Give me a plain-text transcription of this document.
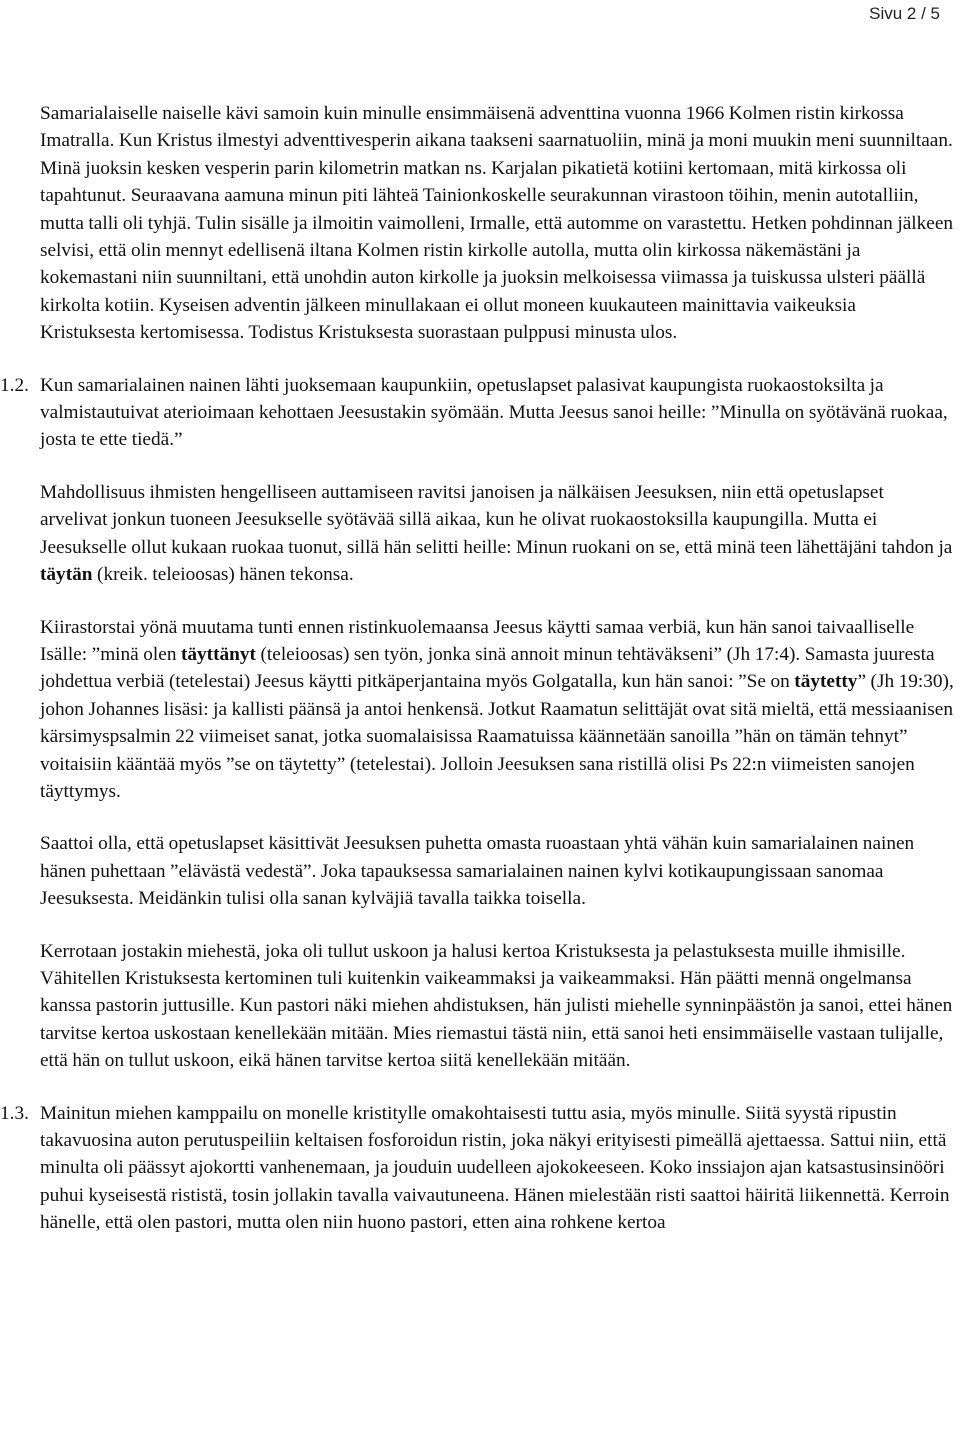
Sivu 2 / 5

Samarialaiselle naiselle kävi samoin kuin minulle ensimmäisenä adventtina vuonna 1966 Kolmen ristin kirkossa Imatralla. Kun Kristus ilmestyi adventtivesperin aikana taakseni saarnatuoliin, minä ja moni muukin meni suunniltaan. Minä juoksin kesken vesperin parin kilometrin matkan ns. Karjalan pikatietä kotiini kertomaan, mitä kirkossa oli tapahtunut. Seuraavana aamuna minun piti lähteä Tainionkoskelle seurakunnan virastoon töihin, menin autotalliin, mutta talli oli tyhjä. Tulin sisälle ja ilmoitin vaimolleni, Irmalle, että automme on varastettu. Hetken pohdinnan jälkeen selvisi, että olin mennyt edellisenä iltana Kolmen ristin kirkolle autolla, mutta olin kirkossa näkemästäni ja kokemastani niin suunniltani, että unohdin auton kirkolle ja juoksin melkoisessa viimassa ja tuiskussa ulsteri päällä kirkolta kotiin. Kyseisen adventin jälkeen minullakaan ei ollut moneen kuukauteen mainittavia vaikeuksia Kristuksesta kertomisessa. Todistus Kristuksesta suorastaan pulppusi minusta ulos.

1.2. Kun samarialainen nainen lähti juoksemaan kaupunkiin, opetuslapset palasivat kaupungista ruokaostoksilta ja valmistautuivat aterioimaan kehottaen Jeesustakin syömään. Mutta Jeesus sanoi heille: ”Minulla on syötävänä ruokaa, josta te ette tiedä.”

Mahdollisuus ihmisten hengelliseen auttamiseen ravitsi janoisen ja nälkäisen Jeesuksen, niin että opetuslapset arvelivat jonkun tuoneen Jeesukselle syötävää sillä aikaa, kun he olivat ruokaostoksilla kaupungilla. Mutta ei Jeesukselle ollut kukaan ruokaa tuonut, sillä hän selitti heille: Minun ruokani on se, että minä teen lähettäjäni tahdon ja täytän (kreik. teleioosas) hänen tekonsa.

Kiirastorstai yönä muutama tunti ennen ristinkuolemaansa Jeesus käytti samaa verbiä, kun hän sanoi taivaalliselle Isälle: ”minä olen täyttänyt (teleioosas) sen työn, jonka sinä annoit minun tehtäväkseni” (Jh 17:4). Samasta juuresta johdettua verbiä (tetelestai) Jeesus käytti pitkäperjantaina myös Golgatalla, kun hän sanoi: ”Se on täytetty” (Jh 19:30), johon Johannes lisäsi: ja kallisti päänsä ja antoi henkensä. Jotkut Raamatun selittäjät ovat sitä mieltä, että messiaanisen kärsimyspsalmin 22 viimeiset sanat, jotka suomalaisissa Raamatuissa käännetään sanoilla ”hän on tämän tehnyt” voitaisiin kääntää myös ”se on täytetty” (tetelestai). Jolloin Jeesuksen sana ristillä olisi Ps 22:n viimeisten sanojen täyttymys.

Saattoi olla, että opetuslapset käsittivät Jeesuksen puhetta omasta ruoastaan yhtä vähän kuin samarialainen nainen hänen puhettaan ”elävästä vedestä”. Joka tapauksessa samarialainen nainen kylvi kotikaupungissaan sanomaa Jeesuksesta. Meidänkin tulisi olla sanan kylväjiä tavalla taikka toisella.

Kerrotaan jostakin miehestä, joka oli tullut uskoon ja halusi kertoa Kristuksesta ja pelastuksesta muille ihmisille. Vähitellen Kristuksesta kertominen tuli kuitenkin vaikeammaksi ja vaikeammaksi. Hän päätti mennä ongelmansa kanssa pastorin juttusille. Kun pastori näki miehen ahdistuksen, hän julisti miehelle synninpäästön ja sanoi, ettei hänen tarvitse kertoa uskostaan kenellekään mitään. Mies riemastui tästä niin, että sanoi heti ensimmäiselle vastaan tulijalle, että hän on tullut uskoon, eikä hänen tarvitse kertoa siitä kenellekään mitään.

1.3. Mainitun miehen kamppailu on monelle kristitylle omakohtaisesti tuttu asia, myös minulle. Siitä syystä ripustin takavuosina auton perutuspeiliin keltaisen fosforoidun ristin, joka näkyi erityisesti pimeällä ajettaessa. Sattui niin, että minulta oli päässyt ajokortti vanhenemaan, ja jouduin uudelleen ajokokeeseen. Koko inssiajon ajan katsastusinsinööri puhui kyseisestä rististä, tosin jollakin tavalla vaivautuneena. Hänen mielestään risti saattoi häiritä liikennettä. Kerroin hänelle, että olen pastori, mutta olen niin huono pastori, etten aina rohkene kertoa
